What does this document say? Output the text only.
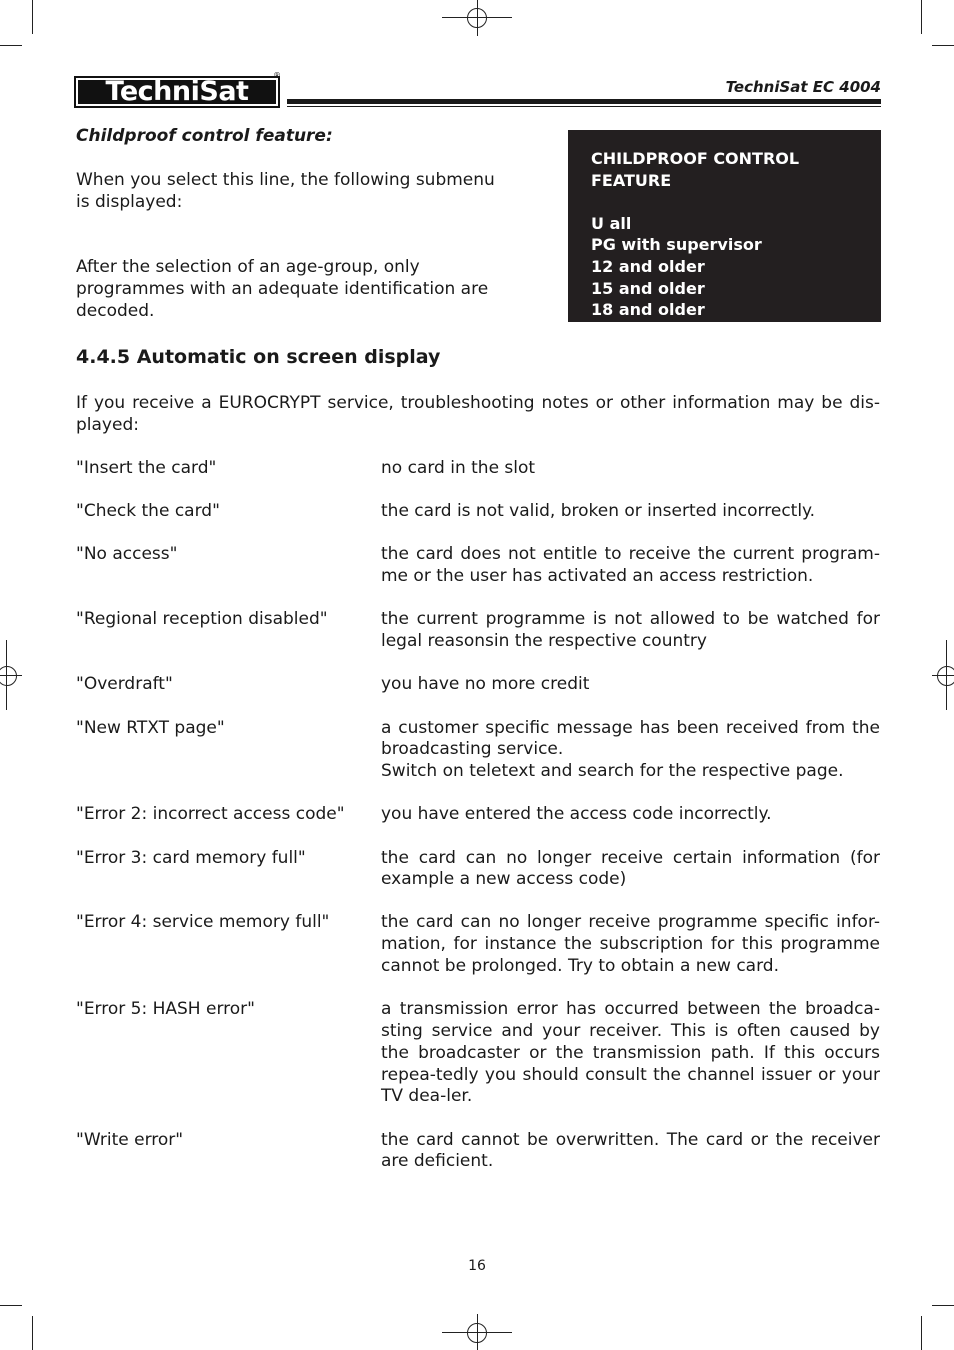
TechniSat
®
TechniSat EC 4004
Childproof control feature:
When you select this line, the following submenu is displayed:
After the selection of an age-group, only programmes with an adequate identification are decoded.
CHILDPROOF CONTROL FEATURE
U all
PG with supervisor
12 and older
15 and older
18 and older
4.4.5 Automatic on screen display
If you receive a EUROCRYPT service, troubleshooting notes or other information may be dis-played:
"Insert the card"	no card in the slot
"Check the card"	the card is not valid, broken or inserted incorrectly.
"No access"	the card does not entitle to receive the current program-me or the user has activated an access restriction.
"Regional reception disabled"	the current programme is not allowed to be watched for legal reasonsin the respective country
"Overdraft"	you have no more credit
"New RTXT page"	a customer specific message has been received from the broadcasting service.
Switch on teletext and search for the respective page.
"Error 2: incorrect access code"	you have entered the access code incorrectly.
"Error 3: card memory full"	the card can no longer receive certain information (for example a new access code)
"Error 4: service memory full"	the card can no longer receive programme specific infor-mation, for instance the subscription for this programme cannot be prolonged. Try to obtain a new card.
"Error 5: HASH error"	a transmission error has occurred between the broadca-sting service and your receiver. This is often caused by the broadcaster or the transmission path. If this occurs repea-tedly you should consult the channel issuer or your TV dea-ler.
"Write error"	the card cannot be overwritten. The card or the receiver are deficient.
16
